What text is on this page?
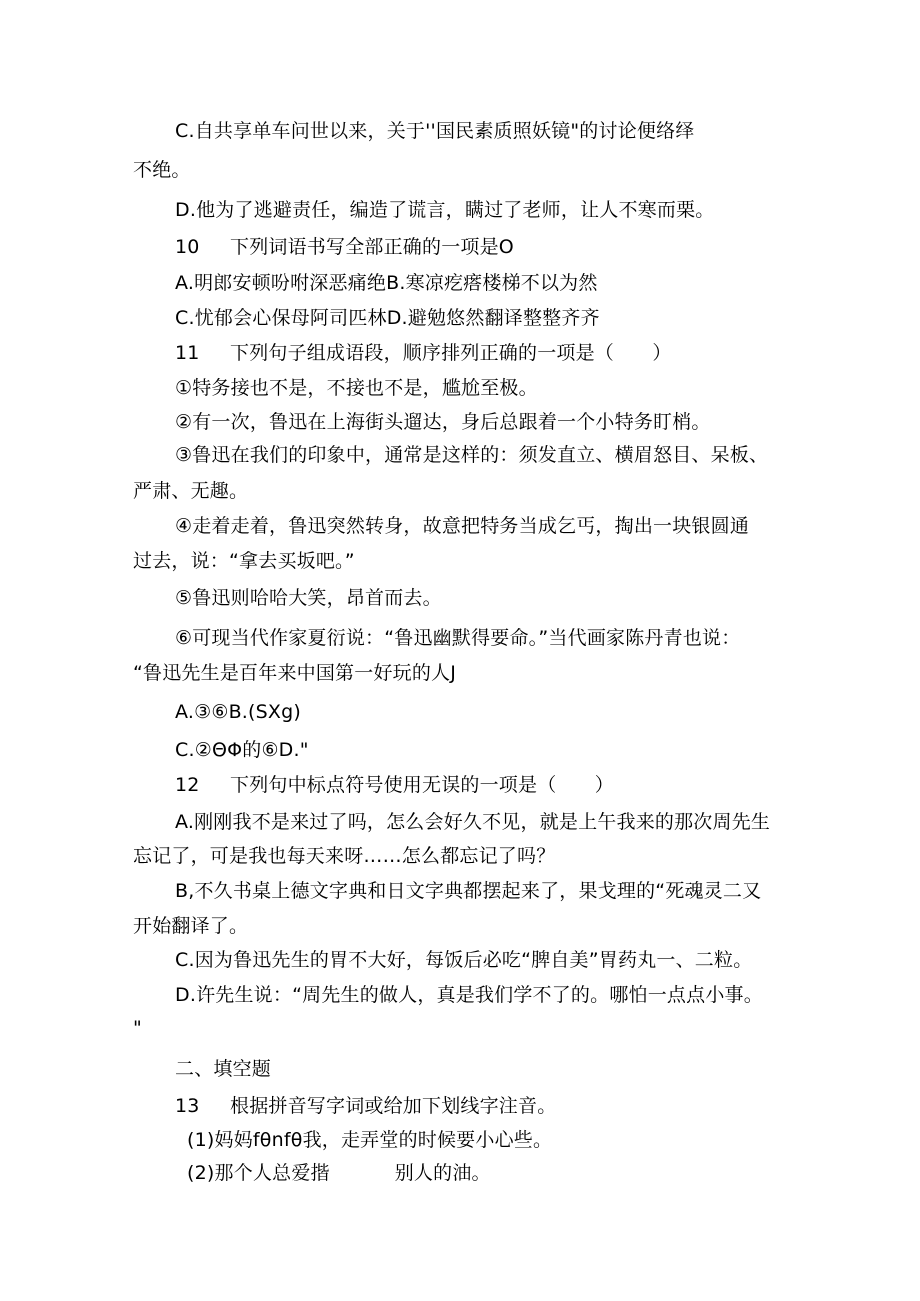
C.自共享单车问世以来，关于''国民素质照妖镜"的讨论便络绎
不绝。
D.他为了逃避责任，编造了谎言，瞒过了老师，让人不寒而栗。
10 下列词语书写全部正确的一项是O
A.明郎安顿吩咐深恶痛绝B.寒凉疙瘩楼梯不以为然
C.忧郁会心保母阿司匹林D.避勉悠然翻译整整齐齐
11 下列句子组成语段，顺序排列正确的一项是（　　）
①特务接也不是，不接也不是，尴尬至极。
②有一次，鲁迅在上海街头遛达，身后总跟着一个小特务盯梢。
③鲁迅在我们的印象中，通常是这样的：须发直立、横眉怒目、呆板、
严肃、无趣。
④走着走着，鲁迅突然转身，故意把特务当成乞丐，掏出一块银圆通
过去，说：“拿去买坂吧。”
⑤鲁迅则哈哈大笑，昂首而去。
⑥可现当代作家夏衍说：“鲁迅幽默得要命。”当代画家陈丹青也说：
“鲁迅先生是百年来中国第一好玩的人J
A.③⑥B.(SXg)
C.②ΘΦ的⑥D."
12 下列句中标点符号使用无误的一项是（　　）
A.刚刚我不是来过了吗，怎么会好久不见，就是上午我来的那次周先生
忘记了，可是我也每天来呀……怎么都忘记了吗？
B,不久书桌上德文字典和日文字典都摆起来了，果戈理的“死魂灵二又
开始翻译了。
C.因为鲁迅先生的胃不大好，每饭后必吃“脾自美”胃药丸一、二粒。
D.许先生说：“周先生的做人，真是我们学不了的。哪怕一点点小事。
"
二、填空题
13 根据拼音写字词或给加下划线字注音。
(1)妈妈fθnfθ我，走弄堂的时候要小心些。
(2)那个人总爱揩	别人的油。
